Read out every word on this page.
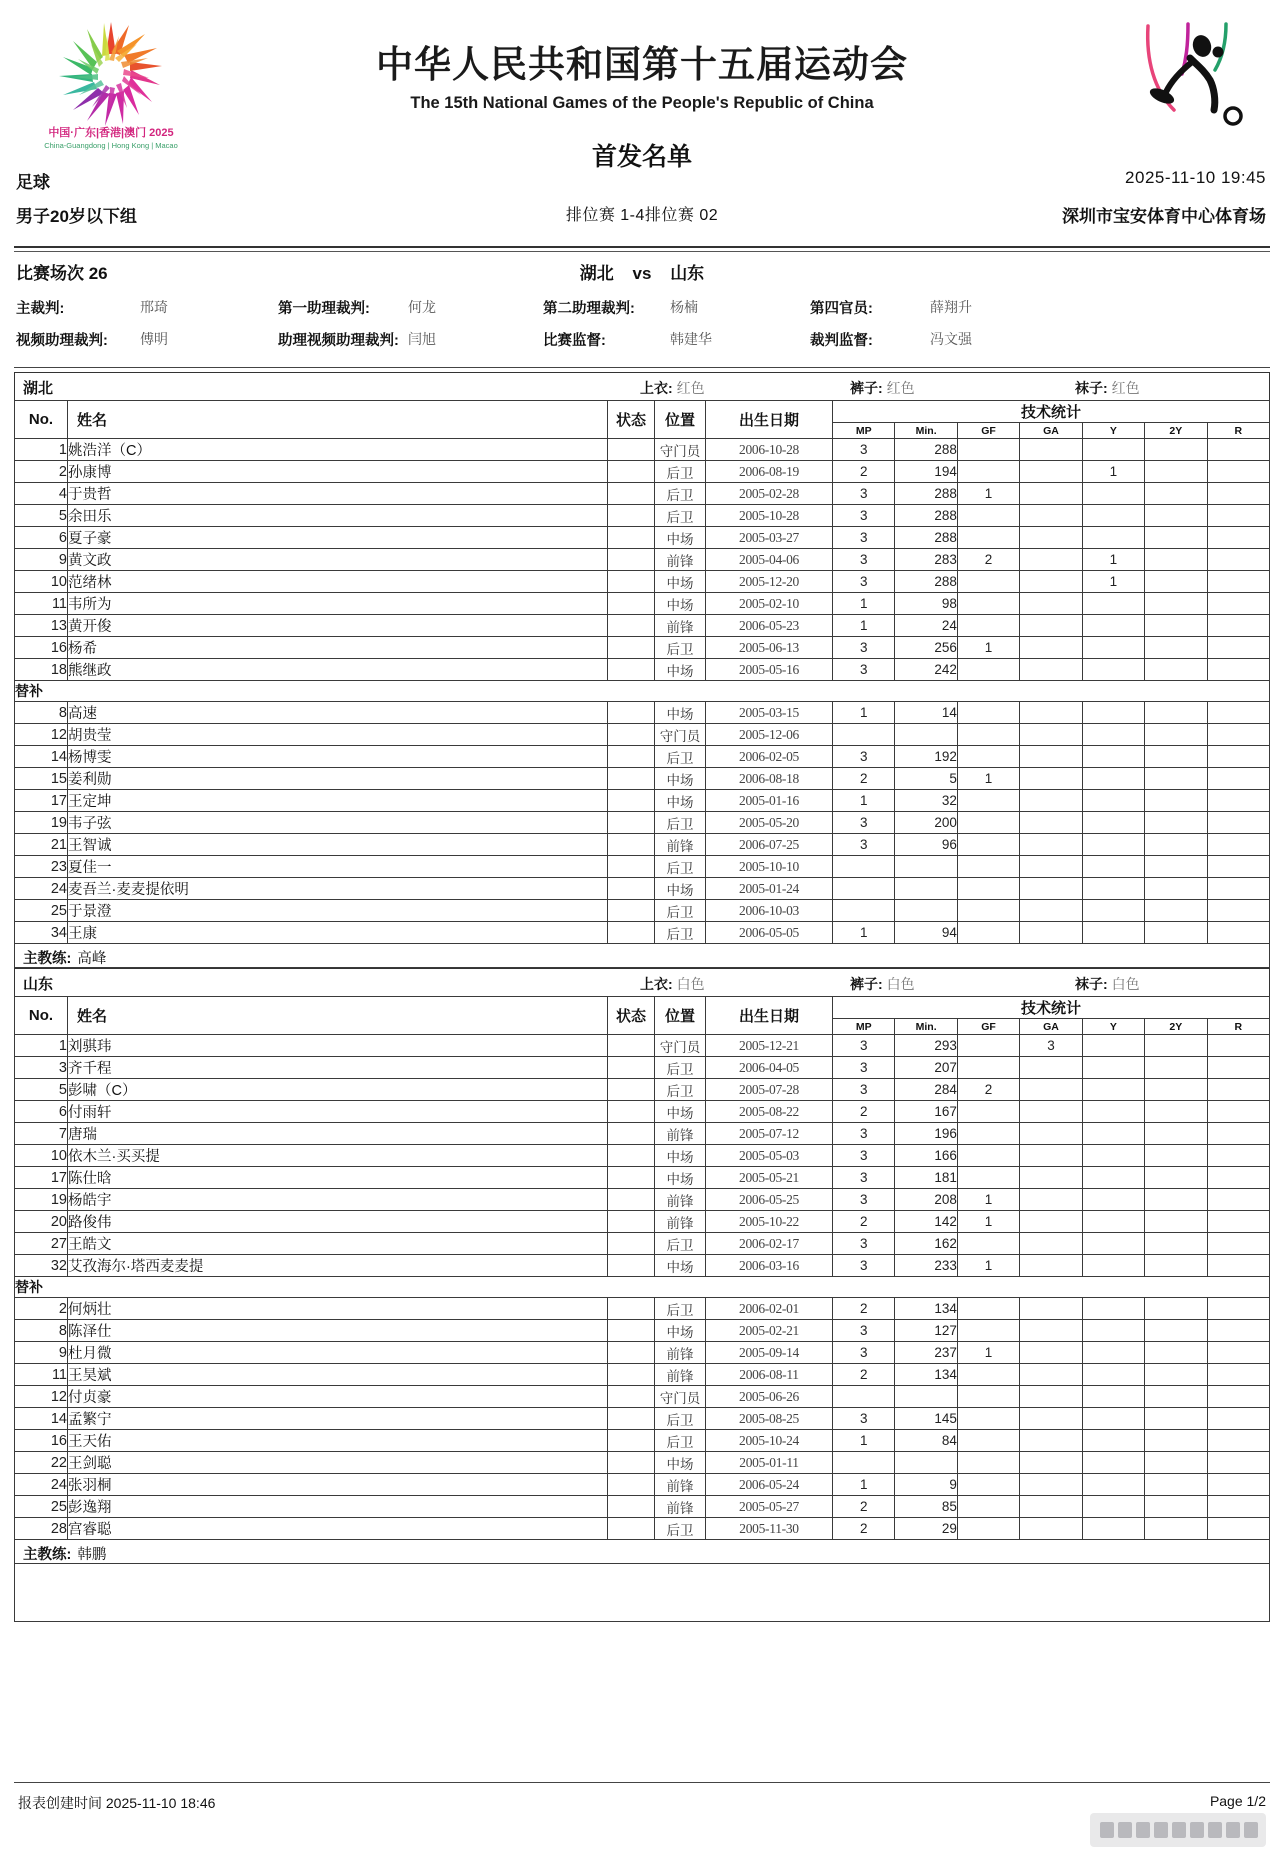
中国·广东|香港|澳门 2025
China-Guangdong | Hong Kong | Macao
中华人民共和国第十五届运动会
The 15th National Games of the People's Republic of China
首发名单
足球	2025-11-10 19:45
男子20岁以下组	排位赛 1-4排位赛 02	深圳市宝安体育中心体育场
比赛场次 26	湖北 vs 山东
主裁判:	邢琦	第一助理裁判:	何龙	第二助理裁判:	杨楠	第四官员:	薛翔升
视频助理裁判: 傅明	助理视频助理裁判: 闫旭	比赛监督:	韩建华	裁判监督:	冯文强
湖北	上衣: 红色	裤子: 红色	袜子: 红色
No.	姓名	状态	位置	出生日期	技术统计						
					MP	Min.	GF	GA	Y	2Y	R
1	姚浩洋（C）		守门员	2006-10-28	3	288					
2	孙康博		后卫	2006-08-19	2	194			1		
4	于贵哲		后卫	2005-02-28	3	288	1				
5	余田乐		后卫	2005-10-28	3	288					
6	夏子豪		中场	2005-03-27	3	288					
9	黄文政		前锋	2005-04-06	3	283	2		1		
10	范绪林		中场	2005-12-20	3	288			1		
11	韦所为		中场	2005-02-10	1	98					
13	黄开俊		前锋	2006-05-23	1	24					
16	杨希		后卫	2005-06-13	3	256	1				
18	熊继政		中场	2005-05-16	3	242					
替补											
8	高速		中场	2005-03-15	1	14					
12	胡贵莹		守门员	2005-12-06							
14	杨博雯		后卫	2006-02-05	3	192					
15	姜利勋		中场	2006-08-18	2	5	1				
17	王定坤		中场	2005-01-16	1	32					
19	韦子弦		后卫	2005-05-20	3	200					
21	王智诚		前锋	2006-07-25	3	96					
23	夏佳一		后卫	2005-10-10							
24	麦吾兰·麦麦提依明		中场	2005-01-24							
25	于景澄		后卫	2006-10-03							
34	王康		后卫	2006-05-05	1	94					
主教练: 高峰
山东	上衣: 白色	裤子: 白色	袜子: 白色
No.	姓名	状态	位置	出生日期	技术统计						
					MP	Min.	GF	GA	Y	2Y	R
1	刘骐玮		守门员	2005-12-21	3	293		3			
3	齐千程		后卫	2006-04-05	3	207					
5	彭啸（C）		后卫	2005-07-28	3	284	2				
6	付雨轩		中场	2005-08-22	2	167					
7	唐瑞		前锋	2005-07-12	3	196					
10	依木兰·买买提		中场	2005-05-03	3	166					
17	陈仕晗		中场	2005-05-21	3	181					
19	杨皓宇		前锋	2006-05-25	3	208	1				
20	路俊伟		前锋	2005-10-22	2	142	1				
27	王皓文		后卫	2006-02-17	3	162					
32	艾孜海尔·塔西麦麦提		中场	2006-03-16	3	233	1				
替补											
2	何炳壮		后卫	2006-02-01	2	134					
8	陈泽仕		中场	2005-02-21	3	127					
9	杜月微		前锋	2005-09-14	3	237	1				
11	王昊斌		前锋	2006-08-11	2	134					
12	付贞豪		守门员	2005-06-26							
14	孟繁宁		后卫	2005-08-25	3	145					
16	王天佑		后卫	2005-10-24	1	84					
22	王剑聪		中场	2005-01-11							
24	张羽桐		前锋	2006-05-24	1	9					
25	彭逸翔		前锋	2005-05-27	2	85					
28	宫睿聪		后卫	2005-11-30	2	29					
主教练: 韩鹏
报表创建时间 2025-11-10 18:46	Page 1/2
